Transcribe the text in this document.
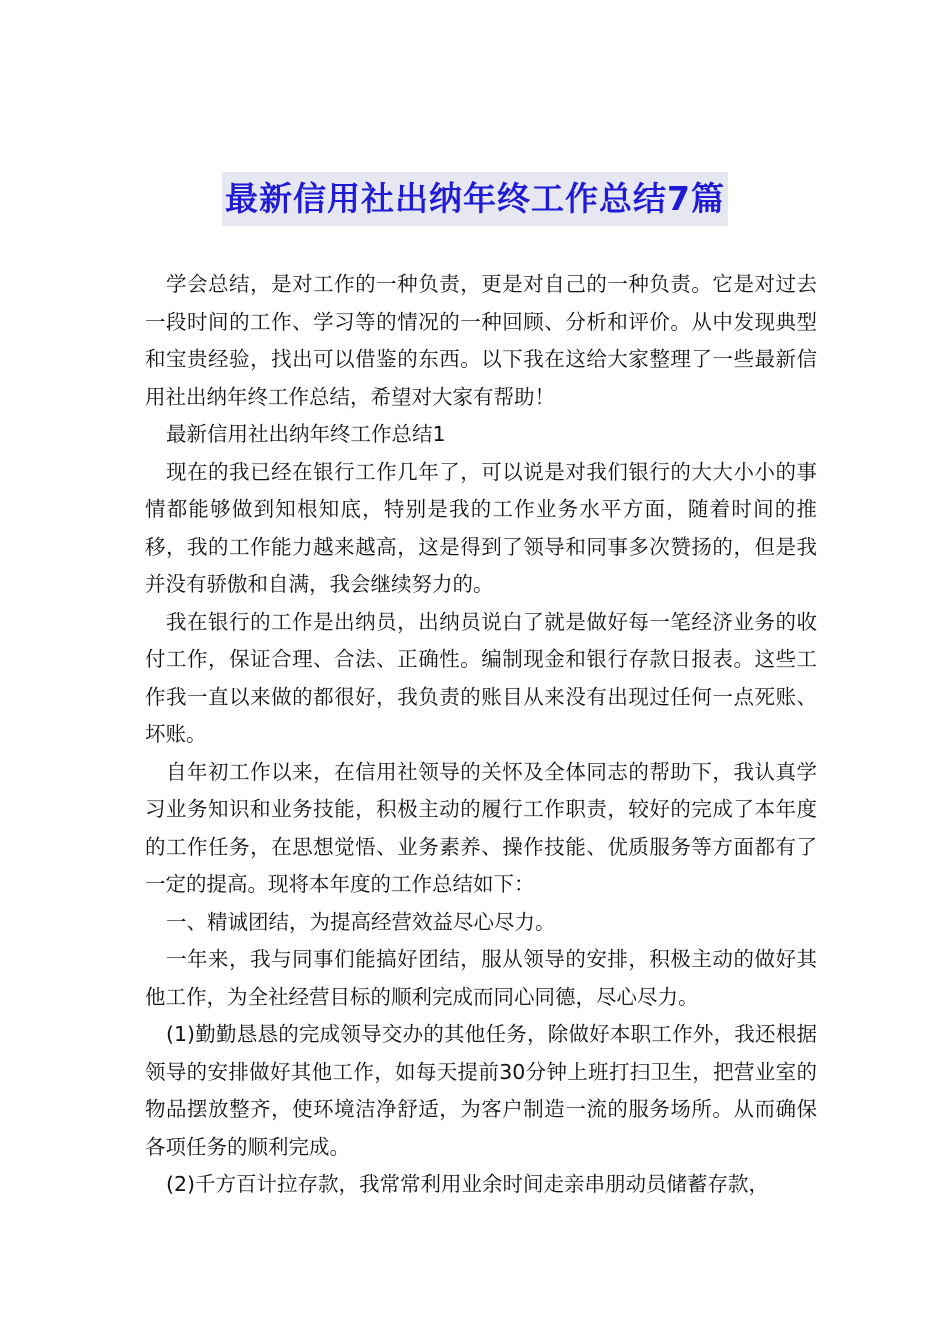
最新信用社出纳年终工作总结7篇

学会总结，是对工作的一种负责，更是对自己的一种负责。它是对过去一段时间的工作、学习等的情况的一种回顾、分析和评价。从中发现典型和宝贵经验，找出可以借鉴的东西。以下我在这给大家整理了一些最新信用社出纳年终工作总结，希望对大家有帮助！

最新信用社出纳年终工作总结1

现在的我已经在银行工作几年了，可以说是对我们银行的大大小小的事情都能够做到知根知底，特别是我的工作业务水平方面，随着时间的推移，我的工作能力越来越高，这是得到了领导和同事多次赞扬的，但是我并没有骄傲和自满，我会继续努力的。

我在银行的工作是出纳员，出纳员说白了就是做好每一笔经济业务的收付工作，保证合理、合法、正确性。编制现金和银行存款日报表。这些工作我一直以来做的都很好，我负责的账目从来没有出现过任何一点死账、坏账。

自年初工作以来，在信用社领导的关怀及全体同志的帮助下，我认真学习业务知识和业务技能，积极主动的履行工作职责，较好的完成了本年度的工作任务，在思想觉悟、业务素养、操作技能、优质服务等方面都有了一定的提高。现将本年度的工作总结如下：

一、精诚团结，为提高经营效益尽心尽力。

一年来，我与同事们能搞好团结，服从领导的安排，积极主动的做好其他工作，为全社经营目标的顺利完成而同心同德，尽心尽力。

(1)勤勤恳恳的完成领导交办的其他任务，除做好本职工作外，我还根据领导的安排做好其他工作，如每天提前30分钟上班打扫卫生，把营业室的物品摆放整齐，使环境洁净舒适，为客户制造一流的服务场所。从而确保各项任务的顺利完成。

(2)千方百计拉存款，我常常利用业余时间走亲串朋动员储蓄存款，
